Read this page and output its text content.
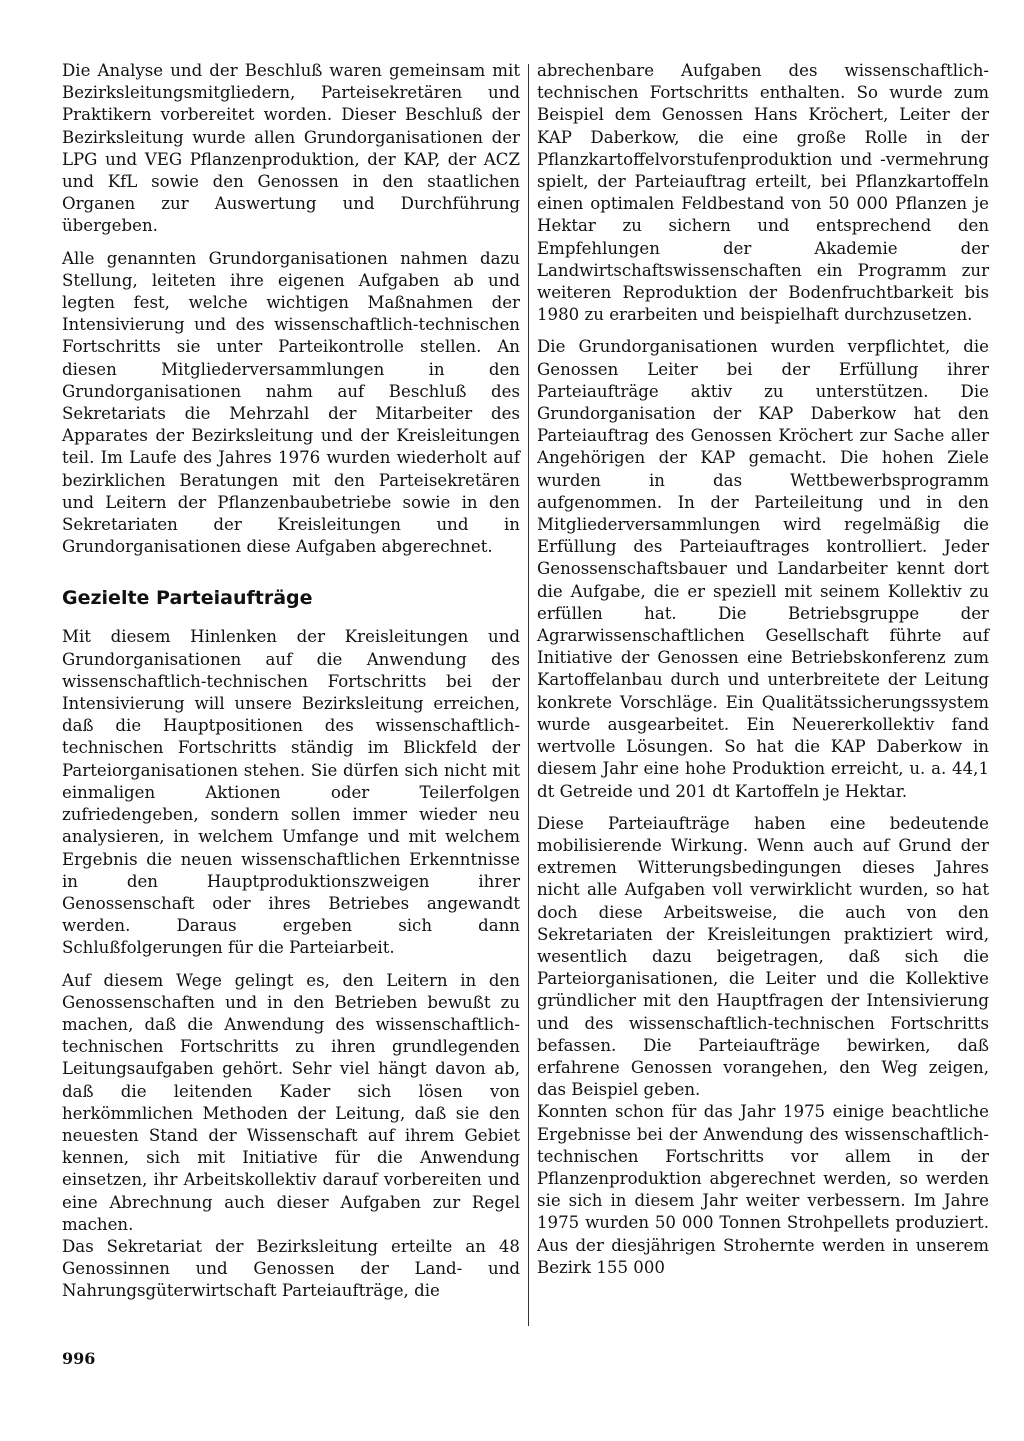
Die Analyse und der Beschluß waren gemeinsam mit Bezirksleitungsmitgliedern, Parteisekretären und Praktikern vorbereitet worden. Dieser Beschluß der Bezirksleitung wurde allen Grundorganisationen der LPG und VEG Pflanzenproduktion, der KAP, der ACZ und KfL sowie den Genossen in den staatlichen Organen zur Auswertung und Durchführung übergeben.

Alle genannten Grundorganisationen nahmen dazu Stellung, leiteten ihre eigenen Aufgaben ab und legten fest, welche wichtigen Maßnahmen der Intensivierung und des wissenschaftlich-technischen Fortschritts sie unter Parteikontrolle stellen. An diesen Mitgliederversammlungen in den Grundorganisationen nahm auf Beschluß des Sekretariats die Mehrzahl der Mitarbeiter des Apparates der Bezirksleitung und der Kreisleitungen teil. Im Laufe des Jahres 1976 wurden wiederholt auf bezirklichen Beratungen mit den Parteisekretären und Leitern der Pflanzenbaubetriebe sowie in den Sekretariaten der Kreisleitungen und in Grundorganisationen diese Aufgaben abgerechnet.

Gezielte Parteiaufträge

Mit diesem Hinlenken der Kreisleitungen und Grundorganisationen auf die Anwendung des wissenschaftlich-technischen Fortschritts bei der Intensivierung will unsere Bezirksleitung erreichen, daß die Hauptpositionen des wissenschaftlich-technischen Fortschritts ständig im Blickfeld der Parteiorganisationen stehen. Sie dürfen sich nicht mit einmaligen Aktionen oder Teilerfolgen zufriedengeben, sondern sollen immer wieder neu analysieren, in welchem Umfange und mit welchem Ergebnis die neuen wissenschaftlichen Erkenntnisse in den Hauptproduktionszweigen ihrer Genossenschaft oder ihres Betriebes angewandt werden. Daraus ergeben sich dann Schlußfolgerungen für die Parteiarbeit.

Auf diesem Wege gelingt es, den Leitern in den Genossenschaften und in den Betrieben bewußt zu machen, daß die Anwendung des wissenschaftlich-technischen Fortschritts zu ihren grundlegenden Leitungsaufgaben gehört. Sehr viel hängt davon ab, daß die leitenden Kader sich lösen von herkömmlichen Methoden der Leitung, daß sie den neuesten Stand der Wissenschaft auf ihrem Gebiet kennen, sich mit Initiative für die Anwendung einsetzen, ihr Arbeitskollektiv darauf vorbereiten und eine Abrechnung auch dieser Aufgaben zur Regel machen.

Das Sekretariat der Bezirksleitung erteilte an 48 Genossinnen und Genossen der Land- und Nahrungsgüterwirtschaft Parteiaufträge, die

abrechenbare Aufgaben des wissenschaftlich-technischen Fortschritts enthalten. So wurde zum Beispiel dem Genossen Hans Kröchert, Leiter der KAP Daberkow, die eine große Rolle in der Pflanzkartoffelvorstufenproduktion und -vermehrung spielt, der Parteiauftrag erteilt, bei Pflanzkartoffeln einen optimalen Feldbestand von 50 000 Pflanzen je Hektar zu sichern und entsprechend den Empfehlungen der Akademie der Landwirtschaftswissenschaften ein Programm zur weiteren Reproduktion der Bodenfruchtbarkeit bis 1980 zu erarbeiten und beispielhaft durchzusetzen.

Die Grundorganisationen wurden verpflichtet, die Genossen Leiter bei der Erfüllung ihrer Parteiaufträge aktiv zu unterstützen. Die Grundorganisation der KAP Daberkow hat den Parteiauftrag des Genossen Kröchert zur Sache aller Angehörigen der KAP gemacht. Die hohen Ziele wurden in das Wettbewerbsprogramm aufgenommen. In der Parteileitung und in den Mitgliederversammlungen wird regelmäßig die Erfüllung des Parteiauftrages kontrolliert. Jeder Genossenschaftsbauer und Landarbeiter kennt dort die Aufgabe, die er speziell mit seinem Kollektiv zu erfüllen hat. Die Betriebsgruppe der Agrarwissenschaftlichen Gesellschaft führte auf Initiative der Genossen eine Betriebskonferenz zum Kartoffelanbau durch und unterbreitete der Leitung konkrete Vorschläge. Ein Qualitätssicherungssystem wurde ausgearbeitet. Ein Neuererkollektiv fand wertvolle Lösungen. So hat die KAP Daberkow in diesem Jahr eine hohe Produktion erreicht, u. a. 44,1 dt Getreide und 201 dt Kartoffeln je Hektar.

Diese Parteiaufträge haben eine bedeutende mobilisierende Wirkung. Wenn auch auf Grund der extremen Witterungsbedingungen dieses Jahres nicht alle Aufgaben voll verwirklicht wurden, so hat doch diese Arbeitsweise, die auch von den Sekretariaten der Kreisleitungen praktiziert wird, wesentlich dazu beigetragen, daß sich die Parteiorganisationen, die Leiter und die Kollektive gründlicher mit den Hauptfragen der Intensivierung und des wissenschaftlich-technischen Fortschritts befassen. Die Parteiaufträge bewirken, daß erfahrene Genossen vorangehen, den Weg zeigen, das Beispiel geben.

Konnten schon für das Jahr 1975 einige beachtliche Ergebnisse bei der Anwendung des wissenschaftlich-technischen Fortschritts vor allem in der Pflanzenproduktion abgerechnet werden, so werden sie sich in diesem Jahr weiter verbessern. Im Jahre 1975 wurden 50 000 Tonnen Strohpellets produziert. Aus der diesjährigen Strohernte werden in unserem Bezirk 155 000

996
